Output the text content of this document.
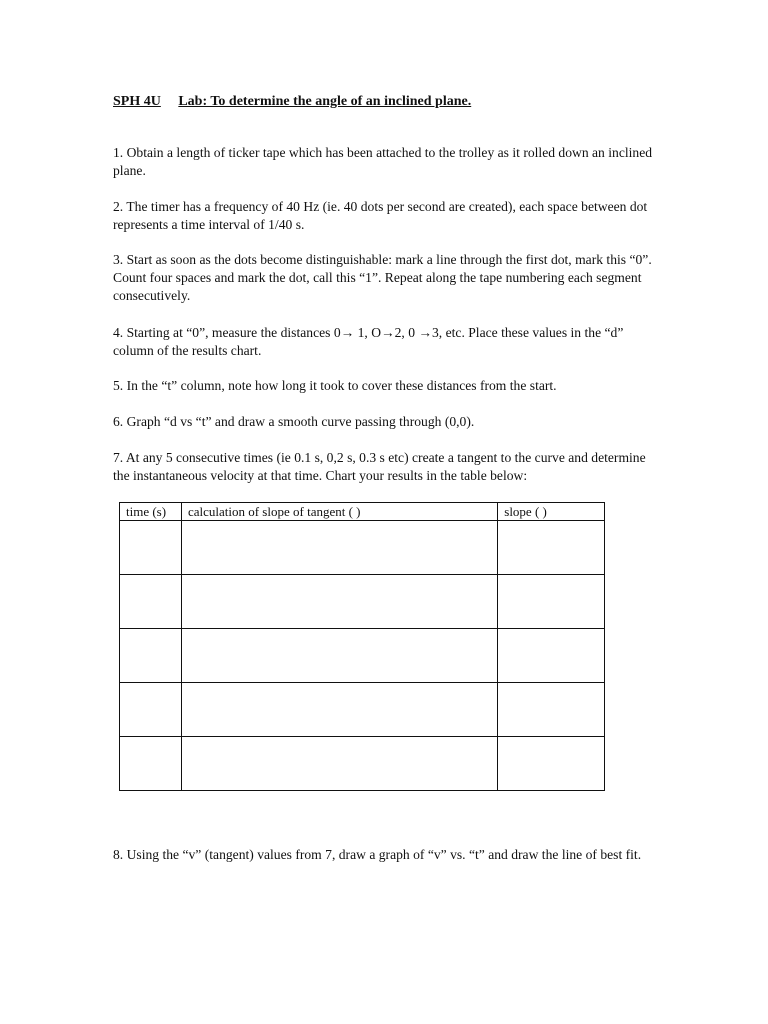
SPH 4U Lab: To determine the angle of an inclined plane.
1. Obtain a length of ticker tape which has been attached to the trolley as it rolled down an inclined plane.
2. The timer has a frequency of 40 Hz (ie. 40 dots per second are created), each space between dot represents a time interval of 1/40 s.
3. Start as soon as the dots become distinguishable: mark a line through the first dot, mark this “0”. Count four spaces and mark the dot, call this “1”. Repeat along the tape numbering each segment consecutively.
4. Starting at “0”, measure the distances 0→ 1, O→2, 0 →3, etc. Place these values in the “d” column of the results chart.
5. In the “t” column, note how long it took to cover these distances from the start.
6. Graph “d vs “t” and draw a smooth curve passing through (0,0).
7. At any 5 consecutive times (ie 0.1 s, 0,2 s, 0.3 s etc) create a tangent to the curve and determine the instantaneous velocity at that time. Chart your results in the table below:
time (s)	calculation of slope of tangent ( )	slope ( )

8. Using the “v” (tangent) values from 7, draw a graph of “v” vs. “t” and draw the line of best fit.
